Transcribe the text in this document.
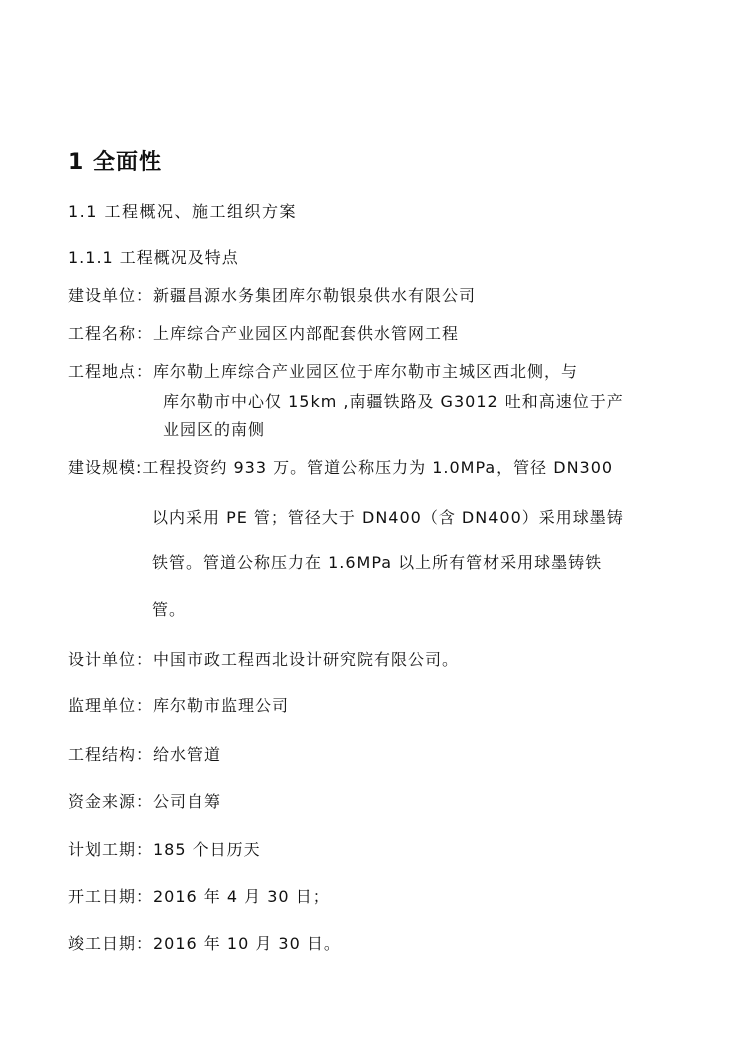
1 全面性
1.1 工程概况、施工组织方案
1.1.1 工程概况及特点
建设单位：新疆昌源水务集团库尔勒银泉供水有限公司
工程名称：上库综合产业园区内部配套供水管网工程
工程地点：库尔勒上库综合产业园区位于库尔勒市主城区西北侧，与
库尔勒市中心仅 15km ,南疆铁路及 G3012 吐和高速位于产
业园区的南侧
建设规模:工程投资约 933 万。管道公称压力为 1.0MPa，管径 DN300
以内采用 PE 管；管径大于 DN400（含 DN400）采用球墨铸
铁管。管道公称压力在 1.6MPa 以上所有管材采用球墨铸铁
管。
设计单位：中国市政工程西北设计研究院有限公司。
监理单位：库尔勒市监理公司
工程结构：给水管道
资金来源：公司自筹
计划工期：185 个日历天
开工日期：2016 年 4 月 30 日；
竣工日期：2016 年 10 月 30 日。
